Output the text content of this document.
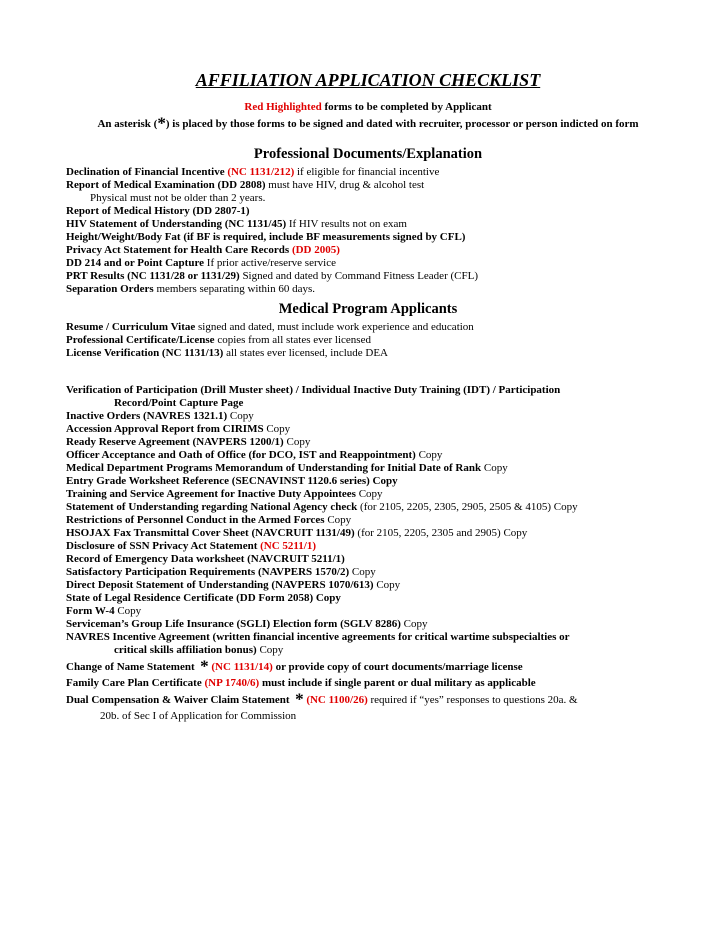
AFFILIATION APPLICATION CHECKLIST
Red Highlighted forms to be completed by Applicant
An asterisk (*) is placed by those forms to be signed and dated with recruiter, processor or person indicted on form
Professional Documents/Explanation
Declination of Financial Incentive (NC 1131/212) if eligible for financial incentive
Report of Medical Examination (DD 2808) must have HIV, drug & alcohol test
Physical must not be older than 2 years.
Report of Medical History (DD 2807-1)
HIV Statement of Understanding (NC 1131/45) If HIV results not on exam
Height/Weight/Body Fat (if BF is required, include BF measurements signed by CFL)
Privacy Act Statement for Health Care Records (DD 2005)
DD 214 and or Point Capture If prior active/reserve service
PRT Results (NC 1131/28 or 1131/29) Signed and dated by Command Fitness Leader (CFL)
Separation Orders members separating within 60 days.
Medical Program Applicants
Resume / Curriculum Vitae signed and dated, must include work experience and education
Professional Certificate/License copies from all states ever licensed
License Verification (NC 1131/13) all states ever licensed, include DEA
Verification of Participation (Drill Muster sheet) / Individual Inactive Duty Training (IDT) / Participation
Record/Point Capture Page
Inactive Orders (NAVRES 1321.1) Copy
Accession Approval Report from CIRIMS Copy
Ready Reserve Agreement (NAVPERS 1200/1) Copy
Officer Acceptance and Oath of Office (for DCO, IST and Reappointment) Copy
Medical Department Programs Memorandum of Understanding for Initial Date of Rank Copy
Entry Grade Worksheet Reference (SECNAVINST 1120.6 series) Copy
Training and Service Agreement for Inactive Duty Appointees Copy
Statement of Understanding regarding National Agency check (for 2105, 2205, 2305, 2905, 2505 & 4105) Copy
Restrictions of Personnel Conduct in the Armed Forces Copy
HSOJAX Fax Transmittal Cover Sheet (NAVCRUIT 1131/49) (for 2105, 2205, 2305 and 2905) Copy
Disclosure of SSN Privacy Act Statement (NC 5211/1)
Record of Emergency Data worksheet (NAVCRUIT 5211/1)
Satisfactory Participation Requirements (NAVPERS 1570/2) Copy
Direct Deposit Statement of Understanding (NAVPERS 1070/613) Copy
State of Legal Residence Certificate (DD Form 2058) Copy
Form W-4 Copy
Serviceman’s Group Life Insurance (SGLI) Election form (SGLV 8286) Copy
NAVRES Incentive Agreement (written financial incentive agreements for critical wartime subspecialties or
critical skills affiliation bonus) Copy
Change of Name Statement  * (NC 1131/14) or provide copy of court documents/marriage license
Family Care Plan Certificate (NP 1740/6) must include if single parent or dual military as applicable
Dual Compensation & Waiver Claim Statement  * (NC 1100/26) required if “yes” responses to questions 20a. &
20b. of Sec I of Application for Commission
